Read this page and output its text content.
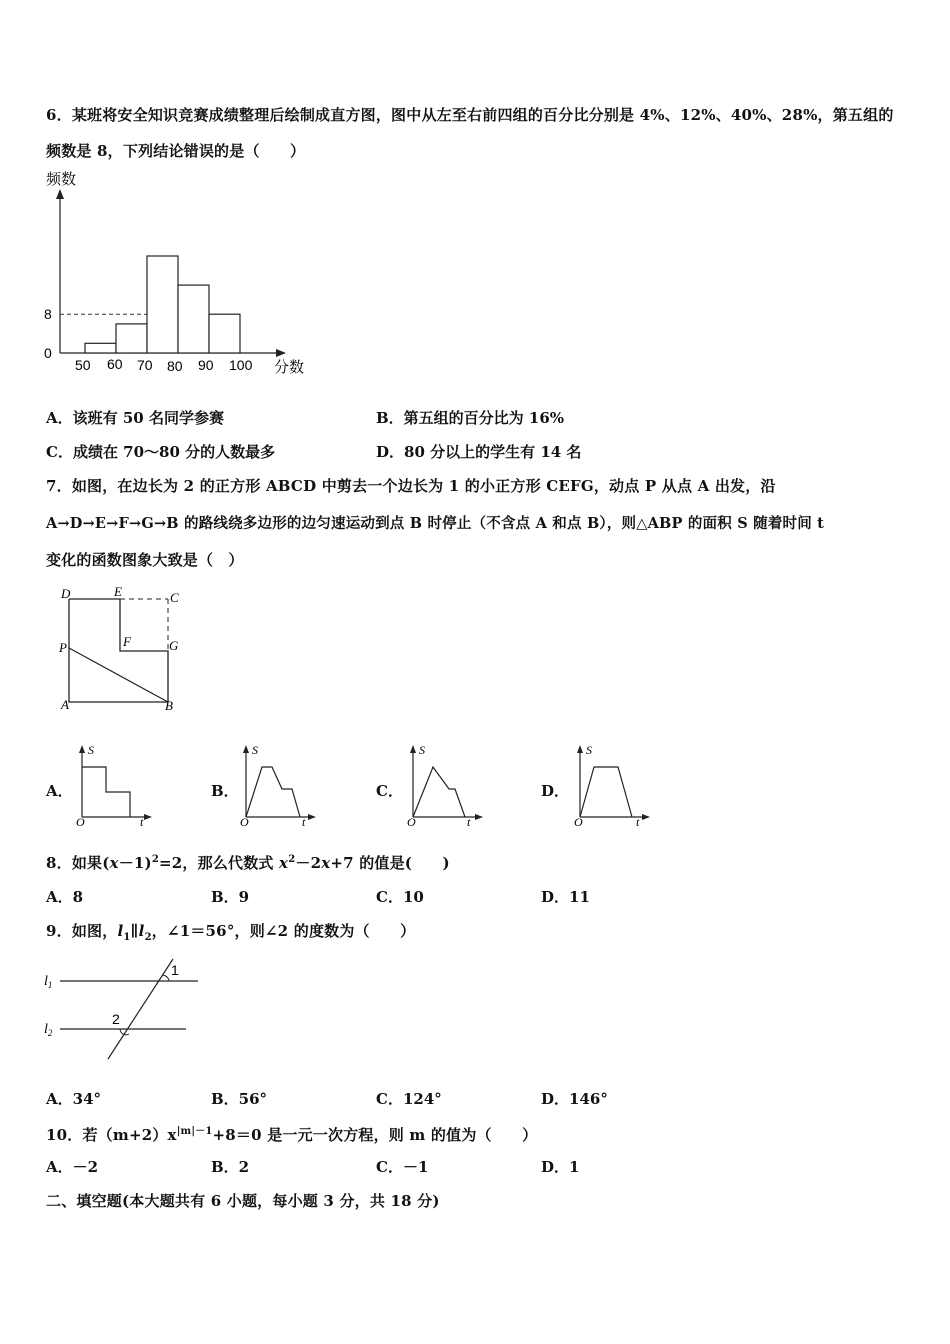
6．某班将安全知识竞赛成绩整理后绘制成直方图，图中从左至右前四组的百分比分别是 4%、12%、40%、28%，第五组的
频数是 8，下列结论错误的是（　　）
频数
0
8
50 60 70 80 90 100 分数
A．该班有 50 名同学参赛	B．第五组的百分比为 16%
C．成绩在 70～80 分的人数最多	D．80 分以上的学生有 14 名
7．如图，在边长为 2 的正方形 ABCD 中剪去一个边长为 1 的小正方形 CEFG，动点 P 从点 A 出发，沿
A→D→E→F→G→B 的路线绕多边形的边匀速运动到点 B 时停止（不含点 A 和点 B），则△ABP 的面积 S 随着时间 t
变化的函数图象大致是（　）
D	E	C
F	G
P
A	B
A．
S
O	t
B．
S
O	t
C．
S
O	t
D．
S
O	t
8．如果$(x-1)^2=2$，那么代数式 $x^2-2x+7$ 的值是(　　)
A．8	B．9	C．10	D．11
9．如图，$l_1\parallel l_2$，∠1＝56°，则∠2 的度数为（　　）
$l_1$
$l_2$
1
2
A．34°	B．56°	C．124°	D．146°
10．若$(m+2)x^{|m|-1}+8=0$ 是一元一次方程，则 m 的值为（　　）
A．－2	B．2	C．－1	D．1
二、填空题(本大题共有 6 小题，每小题 3 分，共 18 分)
